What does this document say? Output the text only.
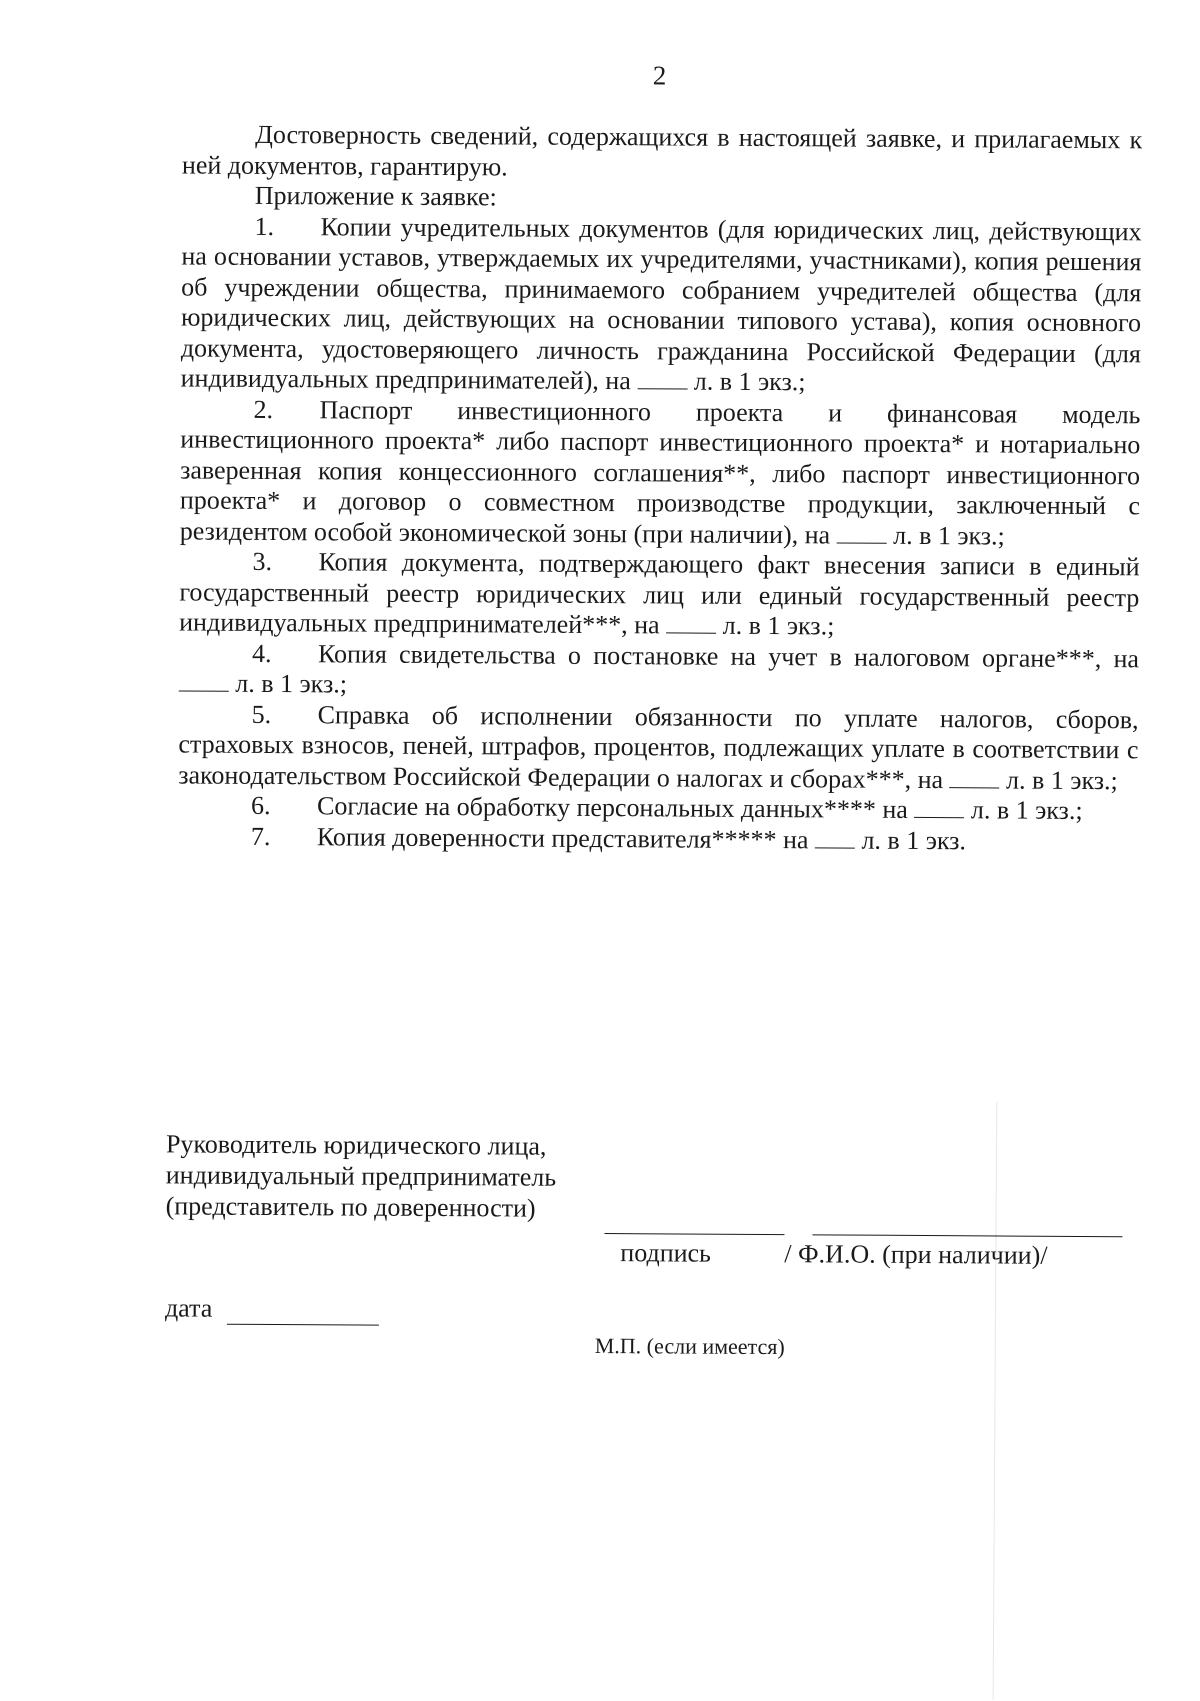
2

Достоверность сведений, содержащихся в настоящей заявке, и прилагаемых к ней документов, гарантирую.

Приложение к заявке:

1. Копии учредительных документов (для юридических лиц, действующих на основании уставов, утверждаемых их учредителями, участниками), копия решения об учреждении общества, принимаемого собранием учредителей общества (для юридических лиц, действующих на основании типового устава), копия основного документа, удостоверяющего личность гражданина Российской Федерации (для индивидуальных предпринимателей), на л. в 1 экз.;

2. Паспорт инвестиционного проекта и финансовая модель инвестиционного проекта* либо паспорт инвестиционного проекта* и нотариально заверенная копия концессионного соглашения**, либо паспорт инвестиционного проекта* и договор о совместном производстве продукции, заключенный с резидентом особой экономической зоны (при наличии), на л. в 1 экз.;

3. Копия документа, подтверждающего факт внесения записи в единый государственный реестр юридических лиц или единый государственный реестр индивидуальных предпринимателей***, на л. в 1 экз.;

4. Копия свидетельства о постановке на учет в налоговом органе***, на  л. в 1 экз.;

5. Справка об исполнении обязанности по уплате налогов, сборов, страховых взносов, пеней, штрафов, процентов, подлежащих уплате в соответствии с законодательством Российской Федерации о налогах и сборах***, на л. в 1 экз.;

6. Согласие на обработку персональных данных**** на л. в 1 экз.;

7. Копия доверенности представителя***** на л. в 1 экз.

Руководитель юридического лица,
индивидуальный предприниматель
(представитель по доверенности)
подпись	/ Ф.И.О. (при наличии)/
дата
М.П. (если имеется)
